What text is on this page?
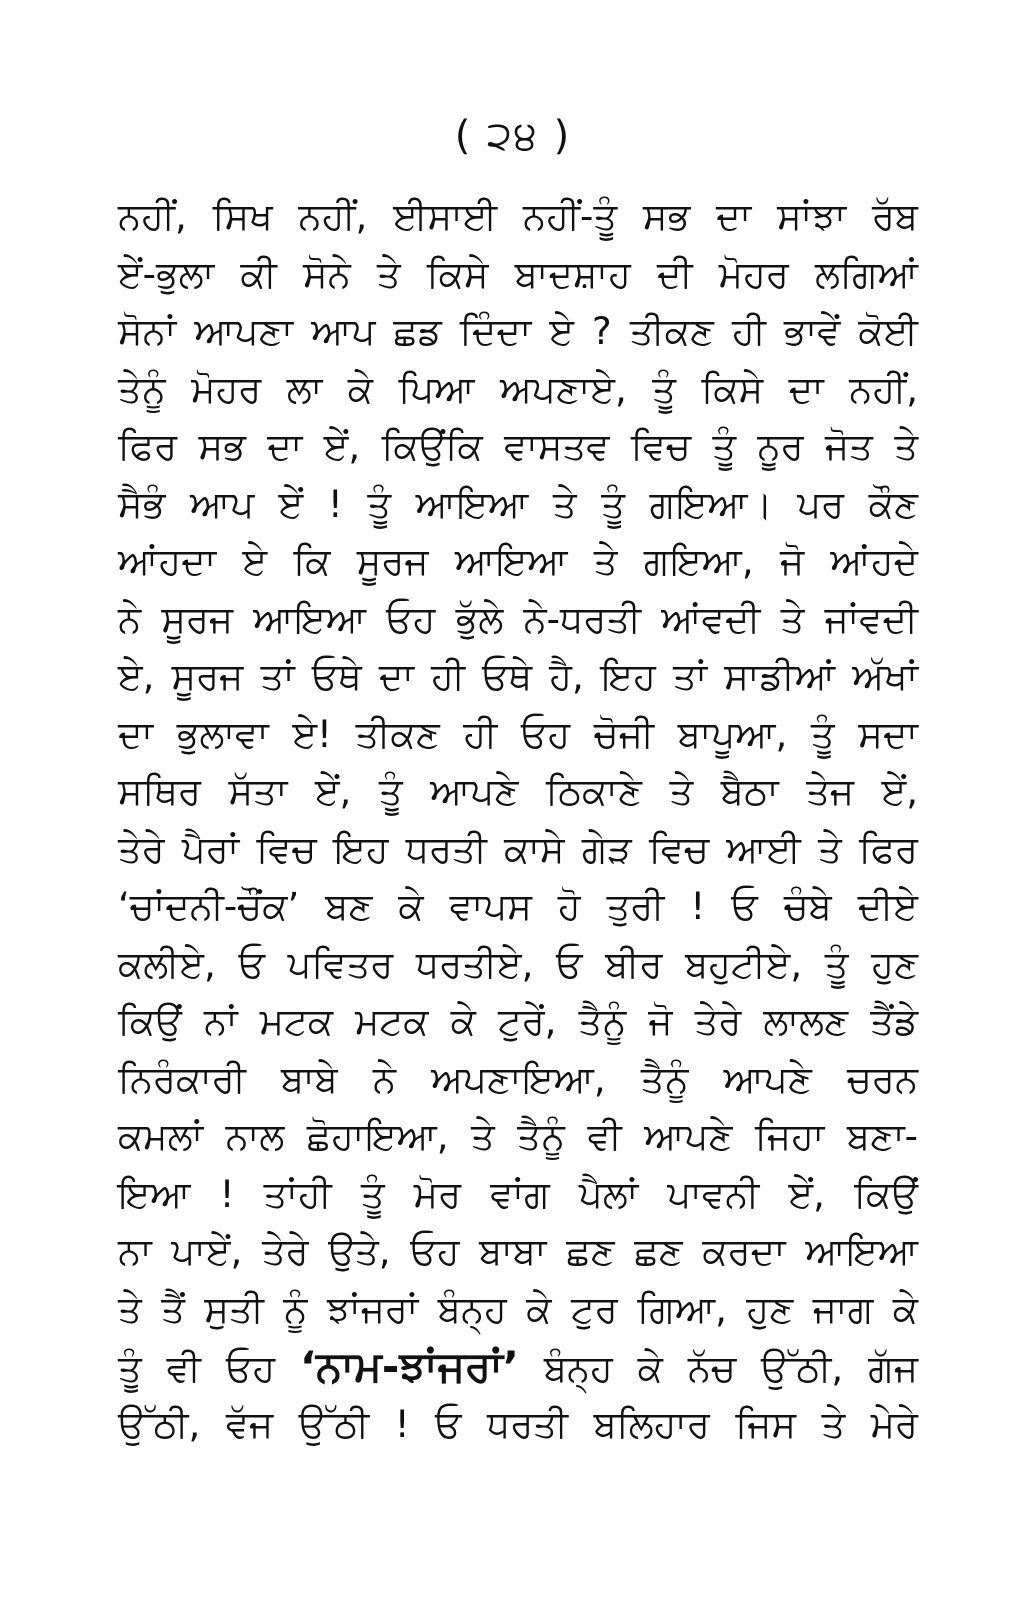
( ੨੪ )
ਨਹੀਂ, ਸਿਖ ਨਹੀਂ, ਈਸਾਈ ਨਹੀਂ-ਤੂੰ ਸਭ ਦਾ ਸਾਂਝਾ ਰੱਬ
ਏਂ-ਭੁਲਾ ਕੀ ਸੋਨੇ ਤੇ ਕਿਸੇ ਬਾਦਸ਼ਾਹ ਦੀ ਮੋਹਰ ਲਗਿਆਂ
ਸੋਨਾਂ ਆਪਣਾ ਆਪ ਛਡ ਦਿੰਦਾ ਏ ? ਤੀਕਣ ਹੀ ਭਾਵੇਂ ਕੋਈ
ਤੇਨੂੰ ਮੋਹਰ ਲਾ ਕੇ ਪਿਆ ਅਪਣਾਏ, ਤੂੰ ਕਿਸੇ ਦਾ ਨਹੀਂ,
ਫਿਰ ਸਭ ਦਾ ਏਂ, ਕਿਉਂਕਿ ਵਾਸਤਵ ਵਿਚ ਤੂੰ ਨੂਰ ਜੋਤ ਤੇ
ਸੈਭੰ ਆਪ ਏਂ ! ਤੂੰ ਆਇਆ ਤੇ ਤੂੰ ਗਇਆ। ਪਰ ਕੌਣ
ਆਂਹਦਾ ਏ ਕਿ ਸੂਰਜ ਆਇਆ ਤੇ ਗਇਆ, ਜੋ ਆਂਹਦੇ
ਨੇ ਸੂਰਜ ਆਇਆ ਓਹ ਭੁੱਲੇ ਨੇ-ਧਰਤੀ ਆਂਵਦੀ ਤੇ ਜਾਂਵਦੀ
ਏ, ਸੂਰਜ ਤਾਂ ਓਥੇ ਦਾ ਹੀ ਓਥੇ ਹੈ, ਇਹ ਤਾਂ ਸਾਡੀਆਂ ਅੱਖਾਂ
ਦਾ ਭੁਲਾਵਾ ਏ! ਤੀਕਣ ਹੀ ਓਹ ਚੋਜੀ ਬਾਪੂਆ, ਤੂੰ ਸਦਾ
ਸਥਿਰ ਸੱਤਾ ਏਂ, ਤੂੰ ਆਪਣੇ ਠਿਕਾਣੇ ਤੇ ਬੈਠਾ ਤੇਜ ਏਂ,
ਤੇਰੇ ਪੈਰਾਂ ਵਿਚ ਇਹ ਧਰਤੀ ਕਾਸੇ ਗੇੜ ਵਿਚ ਆਈ ਤੇ ਫਿਰ
‘ਚਾਂਦਨੀ-ਚੌਂਕ’ ਬਣ ਕੇ ਵਾਪਸ ਹੋ ਤੁਰੀ ! ਓ ਚੰਬੇ ਦੀਏ
ਕਲੀਏ, ਓ ਪਵਿਤਰ ਧਰਤੀਏ, ਓ ਬੀਰ ਬਹੁਟੀਏ, ਤੂੰ ਹੁਣ
ਕਿਉਂ ਨਾਂ ਮਟਕ ਮਟਕ ਕੇ ਟੁਰੇਂ, ਤੈਨੂੰ ਜੋ ਤੇਰੇ ਲਾਲਣ ਤੈਂਡੇ
ਨਿਰੰਕਾਰੀ ਬਾਬੇ ਨੇ ਅਪਣਾਇਆ, ਤੈਨੂੰ ਆਪਣੇ ਚਰਨ
ਕਮਲਾਂ ਨਾਲ ਛੋਹਾਇਆ, ਤੇ ਤੈਨੂੰ ਵੀ ਆਪਣੇ ਜਿਹਾ ਬਣਾ-
ਇਆ ! ਤਾਂਹੀ ਤੂੰ ਮੋਰ ਵਾਂਗ ਪੈਲਾਂ ਪਾਵਨੀ ਏਂ, ਕਿਉਂ
ਨਾ ਪਾਏਂ, ਤੇਰੇ ਉਤੇ, ਓਹ ਬਾਬਾ ਛਣ ਛਣ ਕਰਦਾ ਆਇਆ
ਤੇ ਤੈਂ ਸੁਤੀ ਨੂੰ ਝਾਂਜਰਾਂ ਬੰਨ੍ਹ ਕੇ ਟੁਰ ਗਿਆ, ਹੁਣ ਜਾਗ ਕੇ
ਤੂੰ ਵੀ ਓਹ ‘ਨਾਮ-ਝਾਂਜਰਾਂ’ ਬੰਨ੍ਹ ਕੇ ਨੱਚ ਉੱਠੀ, ਗੱਜ
ਉੱਠੀ, ਵੱਜ ਉੱਠੀ ! ਓ ਧਰਤੀ ਬਲਿਹਾਰ ਜਿਸ ਤੇ ਮੇਰੇ
